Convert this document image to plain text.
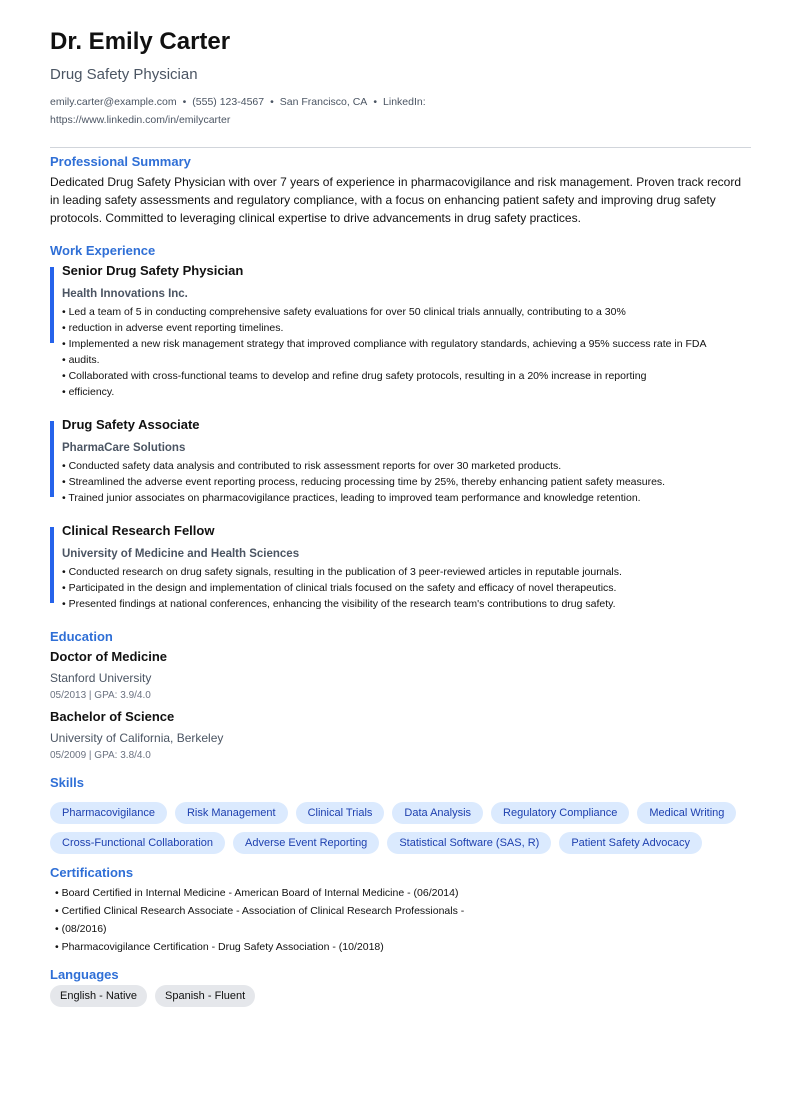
Dr. Emily Carter
Drug Safety Physician
emily.carter@example.com • (555) 123-4567 • San Francisco, CA • LinkedIn:
https://www.linkedin.com/in/emilycarter
Professional Summary
Dedicated Drug Safety Physician with over 7 years of experience in pharmacovigilance and risk management. Proven track record in leading safety assessments and regulatory compliance, with a focus on enhancing patient safety and improving drug safety protocols. Committed to leveraging clinical expertise to drive advancements in drug safety practices.
Work Experience
Senior Drug Safety Physician
Health Innovations Inc.
• Led a team of 5 in conducting comprehensive safety evaluations for over 50 clinical trials annually, contributing to a 30%
• reduction in adverse event reporting timelines.
• Implemented a new risk management strategy that improved compliance with regulatory standards, achieving a 95% success rate in FDA
• audits.
• Collaborated with cross-functional teams to develop and refine drug safety protocols, resulting in a 20% increase in reporting
• efficiency.
Drug Safety Associate
PharmaCare Solutions
• Conducted safety data analysis and contributed to risk assessment reports for over 30 marketed products.
• Streamlined the adverse event reporting process, reducing processing time by 25%, thereby enhancing patient safety measures.
• Trained junior associates on pharmacovigilance practices, leading to improved team performance and knowledge retention.
Clinical Research Fellow
University of Medicine and Health Sciences
• Conducted research on drug safety signals, resulting in the publication of 3 peer-reviewed articles in reputable journals.
• Participated in the design and implementation of clinical trials focused on the safety and efficacy of novel therapeutics.
• Presented findings at national conferences, enhancing the visibility of the research team's contributions to drug safety.
Education
Doctor of Medicine
Stanford University
05/2013 | GPA: 3.9/4.0
Bachelor of Science
University of California, Berkeley
05/2009 | GPA: 3.8/4.0
Skills
Pharmacovigilance	Risk Management	Clinical Trials	Data Analysis	Regulatory Compliance	Medical Writing
Cross-Functional Collaboration	Adverse Event Reporting	Statistical Software (SAS, R)	Patient Safety Advocacy
Certifications
• Board Certified in Internal Medicine - American Board of Internal Medicine - (06/2014)
• Certified Clinical Research Associate - Association of Clinical Research Professionals -
• (08/2016)
• Pharmacovigilance Certification - Drug Safety Association - (10/2018)
Languages
English - Native	Spanish - Fluent
